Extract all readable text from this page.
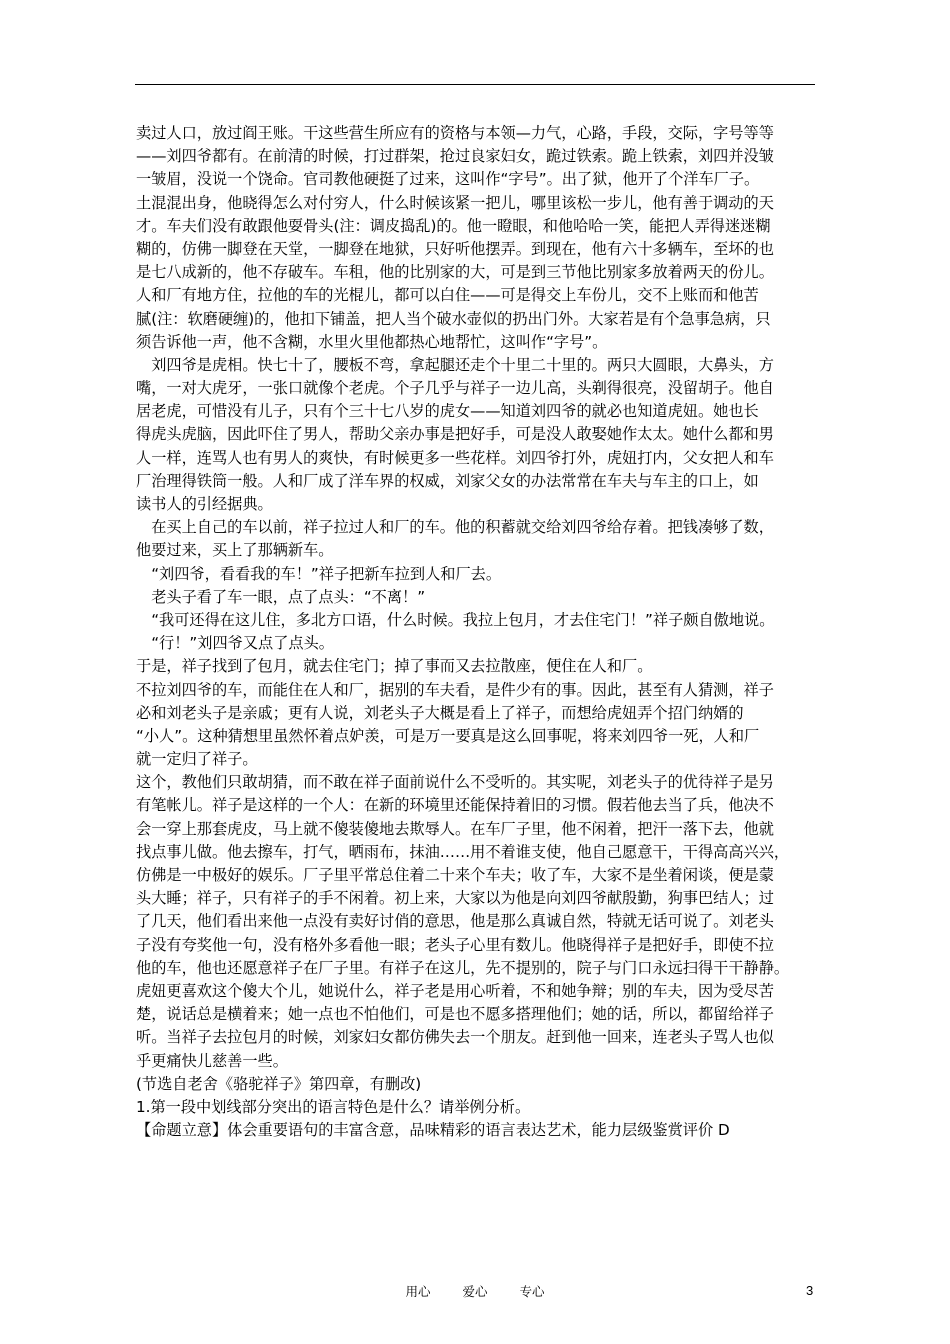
卖过人口，放过阎王账。干这些营生所应有的资格与本领—力气，心路，手段，交际，字号等等
——刘四爷都有。在前清的时候，打过群架，抢过良家妇女，跪过铁索。跪上铁索，刘四并没皱
一皱眉，没说一个饶命。官司教他硬挺了过来，这叫作“字号”。出了狱，他开了个洋车厂子。
土混混出身，他晓得怎么对付穷人，什么时候该紧一把儿，哪里该松一步儿，他有善于调动的天
才。车夫们没有敢跟他耍骨头(注：调皮捣乱)的。他一瞪眼，和他哈哈一笑，能把人弄得迷迷糊
糊的，仿佛一脚登在天堂，一脚登在地狱，只好听他摆弄。到现在，他有六十多辆车，至坏的也
是七八成新的，他不存破车。车租，他的比别家的大，可是到三节他比别家多放着两天的份儿。
人和厂有地方住，拉他的车的光棍儿，都可以白住——可是得交上车份儿，交不上账而和他苦
腻(注：软磨硬缠)的，他扣下铺盖，把人当个破水壶似的扔出门外。大家若是有个急事急病，只
须告诉他一声，他不含糊，水里火里他都热心地帮忙，这叫作“字号”。
　刘四爷是虎相。快七十了，腰板不弯，拿起腿还走个十里二十里的。两只大圆眼，大鼻头，方
嘴，一对大虎牙，一张口就像个老虎。个子几乎与祥子一边儿高，头剃得很亮，没留胡子。他自
居老虎，可惜没有儿子，只有个三十七八岁的虎女——知道刘四爷的就必也知道虎妞。她也长
得虎头虎脑，因此吓住了男人，帮助父亲办事是把好手，可是没人敢娶她作太太。她什么都和男
人一样，连骂人也有男人的爽快，有时候更多一些花样。刘四爷打外，虎妞打内，父女把人和车
厂治理得铁筒一般。人和厂成了洋车界的权威，刘家父女的办法常常在车夫与车主的口上，如
读书人的引经据典。
　在买上自己的车以前，祥子拉过人和厂的车。他的积蓄就交给刘四爷给存着。把钱凑够了数，
他要过来，买上了那辆新车。
　“刘四爷，看看我的车！”祥子把新车拉到人和厂去。
　老头子看了车一眼，点了点头：“不离！”
　“我可还得在这儿住，多北方口语，什么时候。我拉上包月，才去住宅门！”祥子颇自傲地说。
　“行！”刘四爷又点了点头。
于是，祥子找到了包月，就去住宅门；掉了事而又去拉散座，便住在人和厂。
不拉刘四爷的车，而能住在人和厂，据别的车夫看，是件少有的事。因此，甚至有人猜测，祥子
必和刘老头子是亲戚；更有人说，刘老头子大概是看上了祥子，而想给虎妞弄个招门纳婿的
“小人”。这种猜想里虽然怀着点妒羡，可是万一要真是这么回事呢，将来刘四爷一死，人和厂
就一定归了祥子。
这个，教他们只敢胡猜，而不敢在祥子面前说什么不受听的。其实呢，刘老头子的优待祥子是另
有笔帐儿。祥子是这样的一个人：在新的环境里还能保持着旧的习惯。假若他去当了兵，他决不
会一穿上那套虎皮，马上就不傻装傻地去欺辱人。在车厂子里，他不闲着，把汗一落下去，他就
找点事儿做。他去擦车，打气，晒雨布，抹油……用不着谁支使，他自己愿意干，干得高高兴兴，
仿佛是一中极好的娱乐。厂子里平常总住着二十来个车夫；收了车，大家不是坐着闲谈，便是蒙
头大睡；祥子，只有祥子的手不闲着。初上来，大家以为他是向刘四爷献殷勤，狗事巴结人；过
了几天，他们看出来他一点没有卖好讨俏的意思，他是那么真诚自然，特就无话可说了。刘老头
子没有夸奖他一句，没有格外多看他一眼；老头子心里有数儿。他晓得祥子是把好手，即使不拉
他的车，他也还愿意祥子在厂子里。有祥子在这儿，先不提别的，院子与门口永远扫得干干静静。
虎妞更喜欢这个傻大个儿，她说什么，祥子老是用心听着，不和她争辩；别的车夫，因为受尽苦
楚，说话总是横着来；她一点也不怕他们，可是也不愿多搭理他们；她的话，所以，都留给祥子
听。当祥子去拉包月的时候，刘家妇女都仿佛失去一个朋友。赶到他一回来，连老头子骂人也似
乎更痛快儿慈善一些。
(节选自老舍《骆驼祥子》第四章，有删改)
1.第一段中划线部分突出的语言特色是什么？请举例分析。
【命题立意】体会重要语句的丰富含意，品味精彩的语言表达艺术，能力层级鉴赏评价 D
用心	爱心	专心	3
